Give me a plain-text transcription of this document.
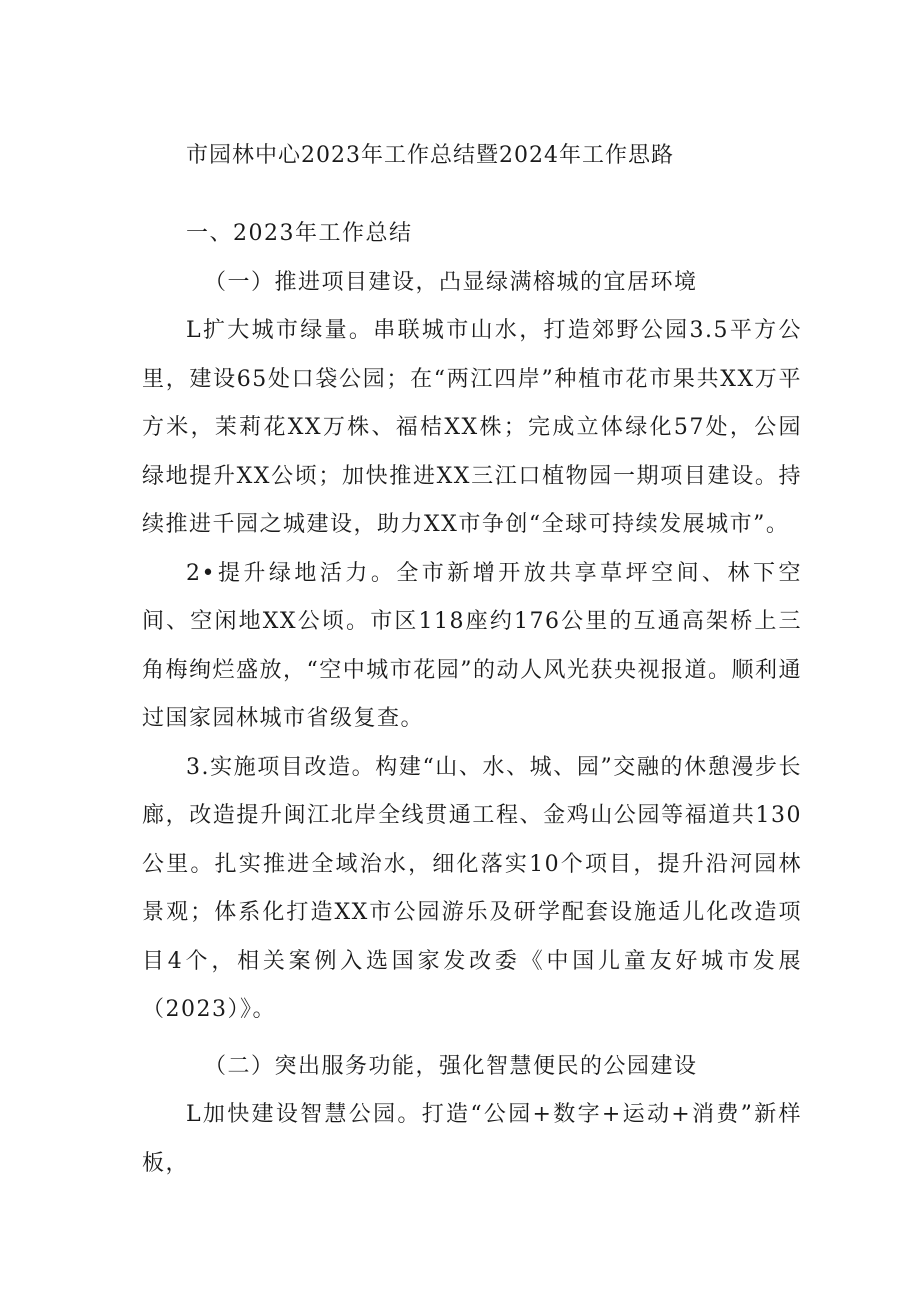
市园林中心2023年工作总结暨2024年工作思路

一、2023年工作总结

（一）推进项目建设，凸显绿满榕城的宜居环境

L扩大城市绿量。串联城市山水，打造郊野公园3.5平方公里，建设65处口袋公园；在“两江四岸”种植市花市果共XX万平方米，茉莉花XX万株、福桔XX株；完成立体绿化57处，公园绿地提升XX公顷；加快推进XX三江口植物园一期项目建设。持续推进千园之城建设，助力XX市争创“全球可持续发展城市”。

2•提升绿地活力。全市新增开放共享草坪空间、林下空间、空闲地XX公顷。市区118座约176公里的互通高架桥上三角梅绚烂盛放，“空中城市花园”的动人风光获央视报道。顺利通过国家园林城市省级复查。

3.实施项目改造。构建“山、水、城、园”交融的休憩漫步长廊，改造提升闽江北岸全线贯通工程、金鸡山公园等福道共130公里。扎实推进全域治水，细化落实10个项目，提升沿河园林景观；体系化打造XX市公园游乐及研学配套设施适儿化改造项目4个，相关案例入选国家发改委《中国儿童友好城市发展（2023）》。

（二）突出服务功能，强化智慧便民的公园建设

L加快建设智慧公园。打造“公园+数字+运动+消费”新样板，
